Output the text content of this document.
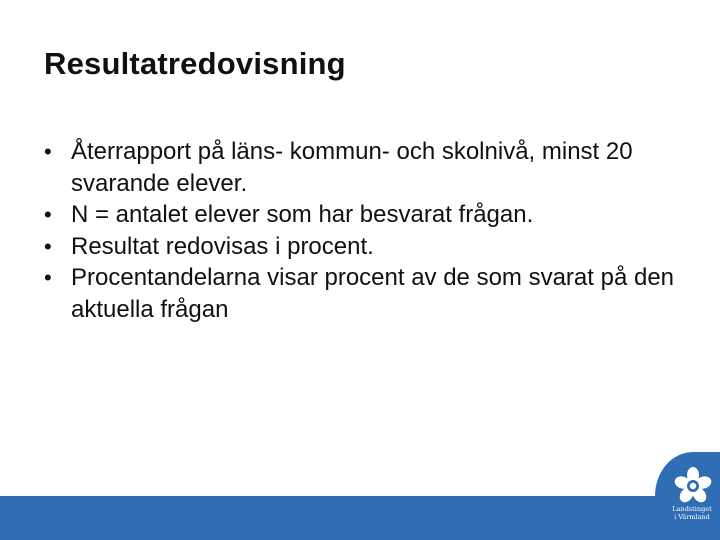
Resultatredovisning
• Återrapport på läns- kommun- och skolnivå, minst 20 svarande elever.
• N = antalet elever som har besvarat frågan.
• Resultat redovisas i procent.
• Procentandelarna visar procent av de som svarat på den aktuella frågan
Landstinget
i Värmland
